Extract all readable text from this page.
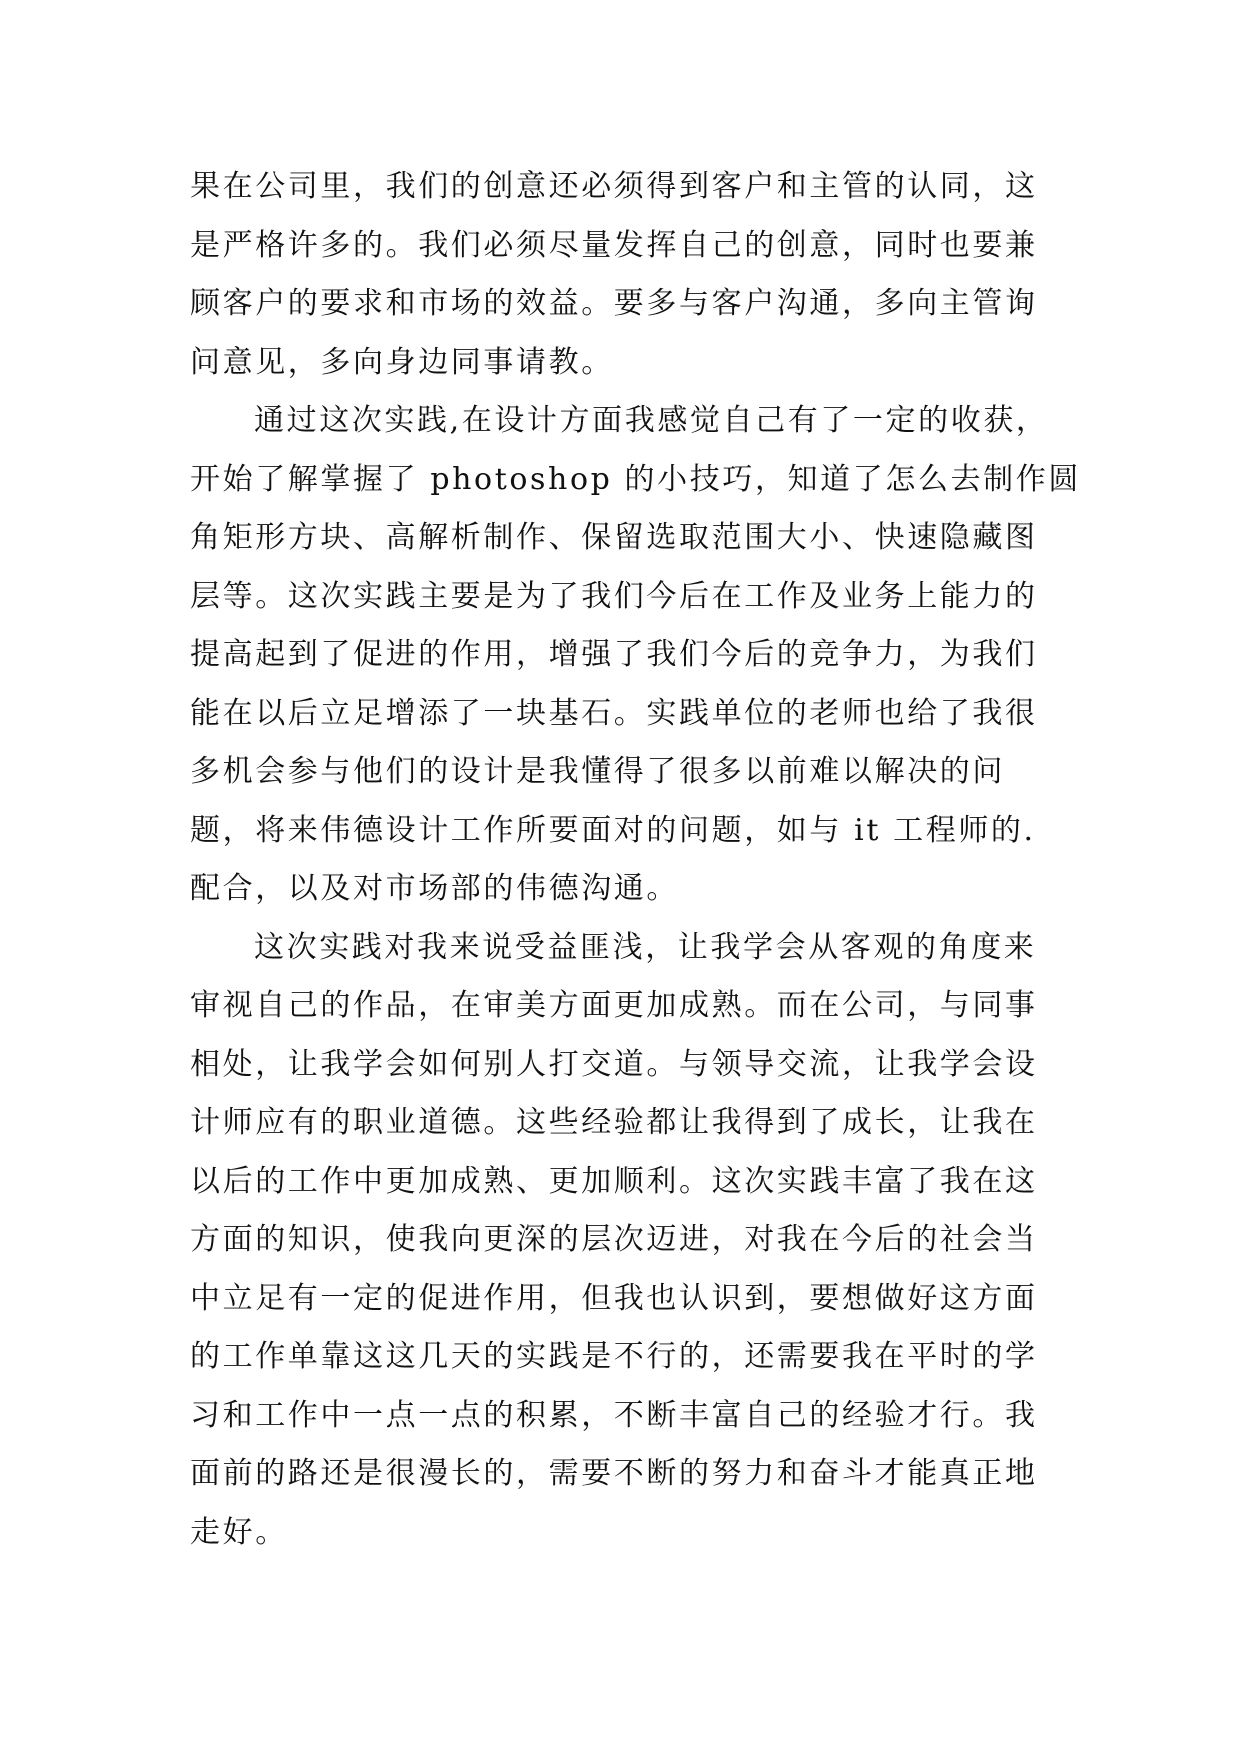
果在公司里，我们的创意还必须得到客户和主管的认同，这
是严格许多的。我们必须尽量发挥自己的创意，同时也要兼
顾客户的要求和市场的效益。要多与客户沟通，多向主管询
问意见，多向身边同事请教。
通过这次实践,在设计方面我感觉自己有了一定的收获，
开始了解掌握了 photoshop 的小技巧，知道了怎么去制作圆
角矩形方块、高解析制作、保留选取范围大小、快速隐藏图
层等。这次实践主要是为了我们今后在工作及业务上能力的
提高起到了促进的作用，增强了我们今后的竞争力，为我们
能在以后立足增添了一块基石。实践单位的老师也给了我很
多机会参与他们的设计是我懂得了很多以前难以解决的问
题，将来伟德设计工作所要面对的问题，如与 it 工程师的.
配合，以及对市场部的伟德沟通。
这次实践对我来说受益匪浅，让我学会从客观的角度来
审视自己的作品，在审美方面更加成熟。而在公司，与同事
相处，让我学会如何别人打交道。与领导交流，让我学会设
计师应有的职业道德。这些经验都让我得到了成长，让我在
以后的工作中更加成熟、更加顺利。这次实践丰富了我在这
方面的知识，使我向更深的层次迈进，对我在今后的社会当
中立足有一定的促进作用，但我也认识到，要想做好这方面
的工作单靠这这几天的实践是不行的，还需要我在平时的学
习和工作中一点一点的积累，不断丰富自己的经验才行。我
面前的路还是很漫长的，需要不断的努力和奋斗才能真正地
走好。
